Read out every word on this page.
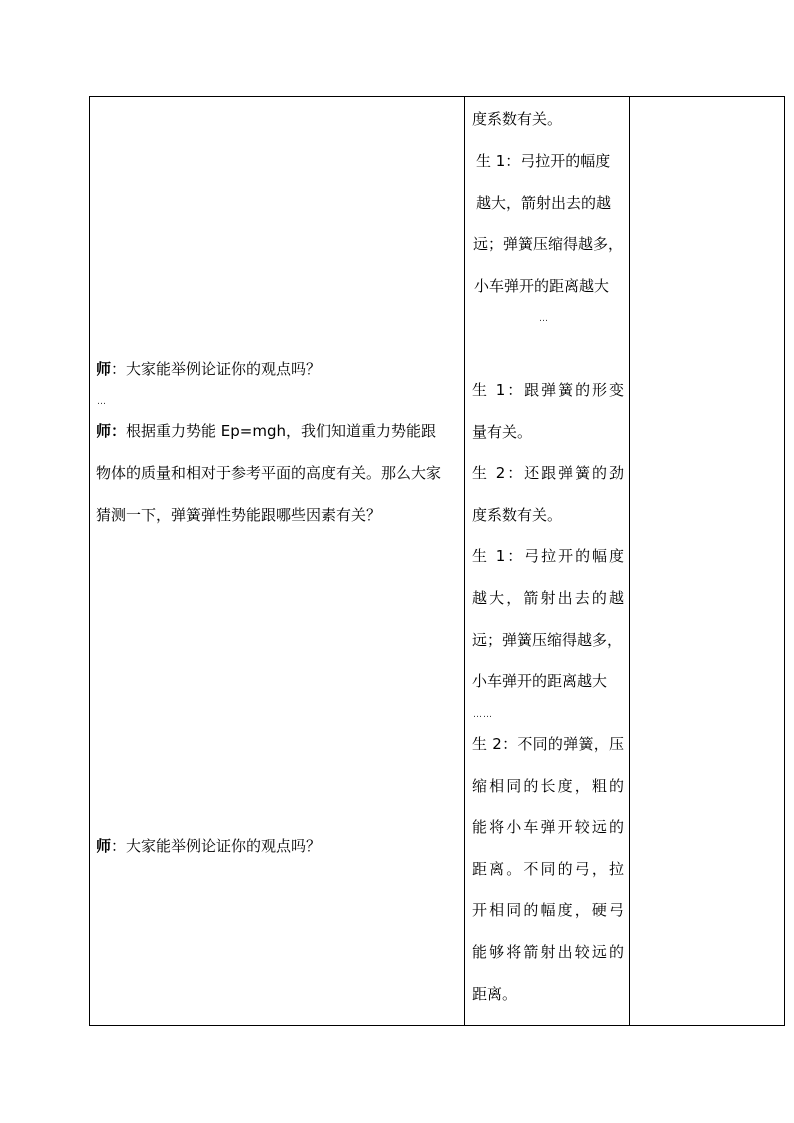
师：大家能举例论证你的观点吗？
…
师：根据重力势能 Ep=mgh，我们知道重力势能跟
物体的质量和相对于参考平面的高度有关。那么大家
猜测一下，弹簧弹性势能跟哪些因素有关？
师：大家能举例论证你的观点吗？
度系数有关。
生 1：弓拉开的幅度
越大，箭射出去的越
远；弹簧压缩得越多，
小车弹开的距离越大
…
生 1：跟弹簧的形变
量有关。
生 2：还跟弹簧的劲
度系数有关。
生 1：弓拉开的幅度
越大，箭射出去的越
远；弹簧压缩得越多，
小车弹开的距离越大
……
生 2：不同的弹簧，压
缩相同的长度，粗的
能将小车弹开较远的
距离。不同的弓，拉
开相同的幅度，硬弓
能够将箭射出较远的
距离。
